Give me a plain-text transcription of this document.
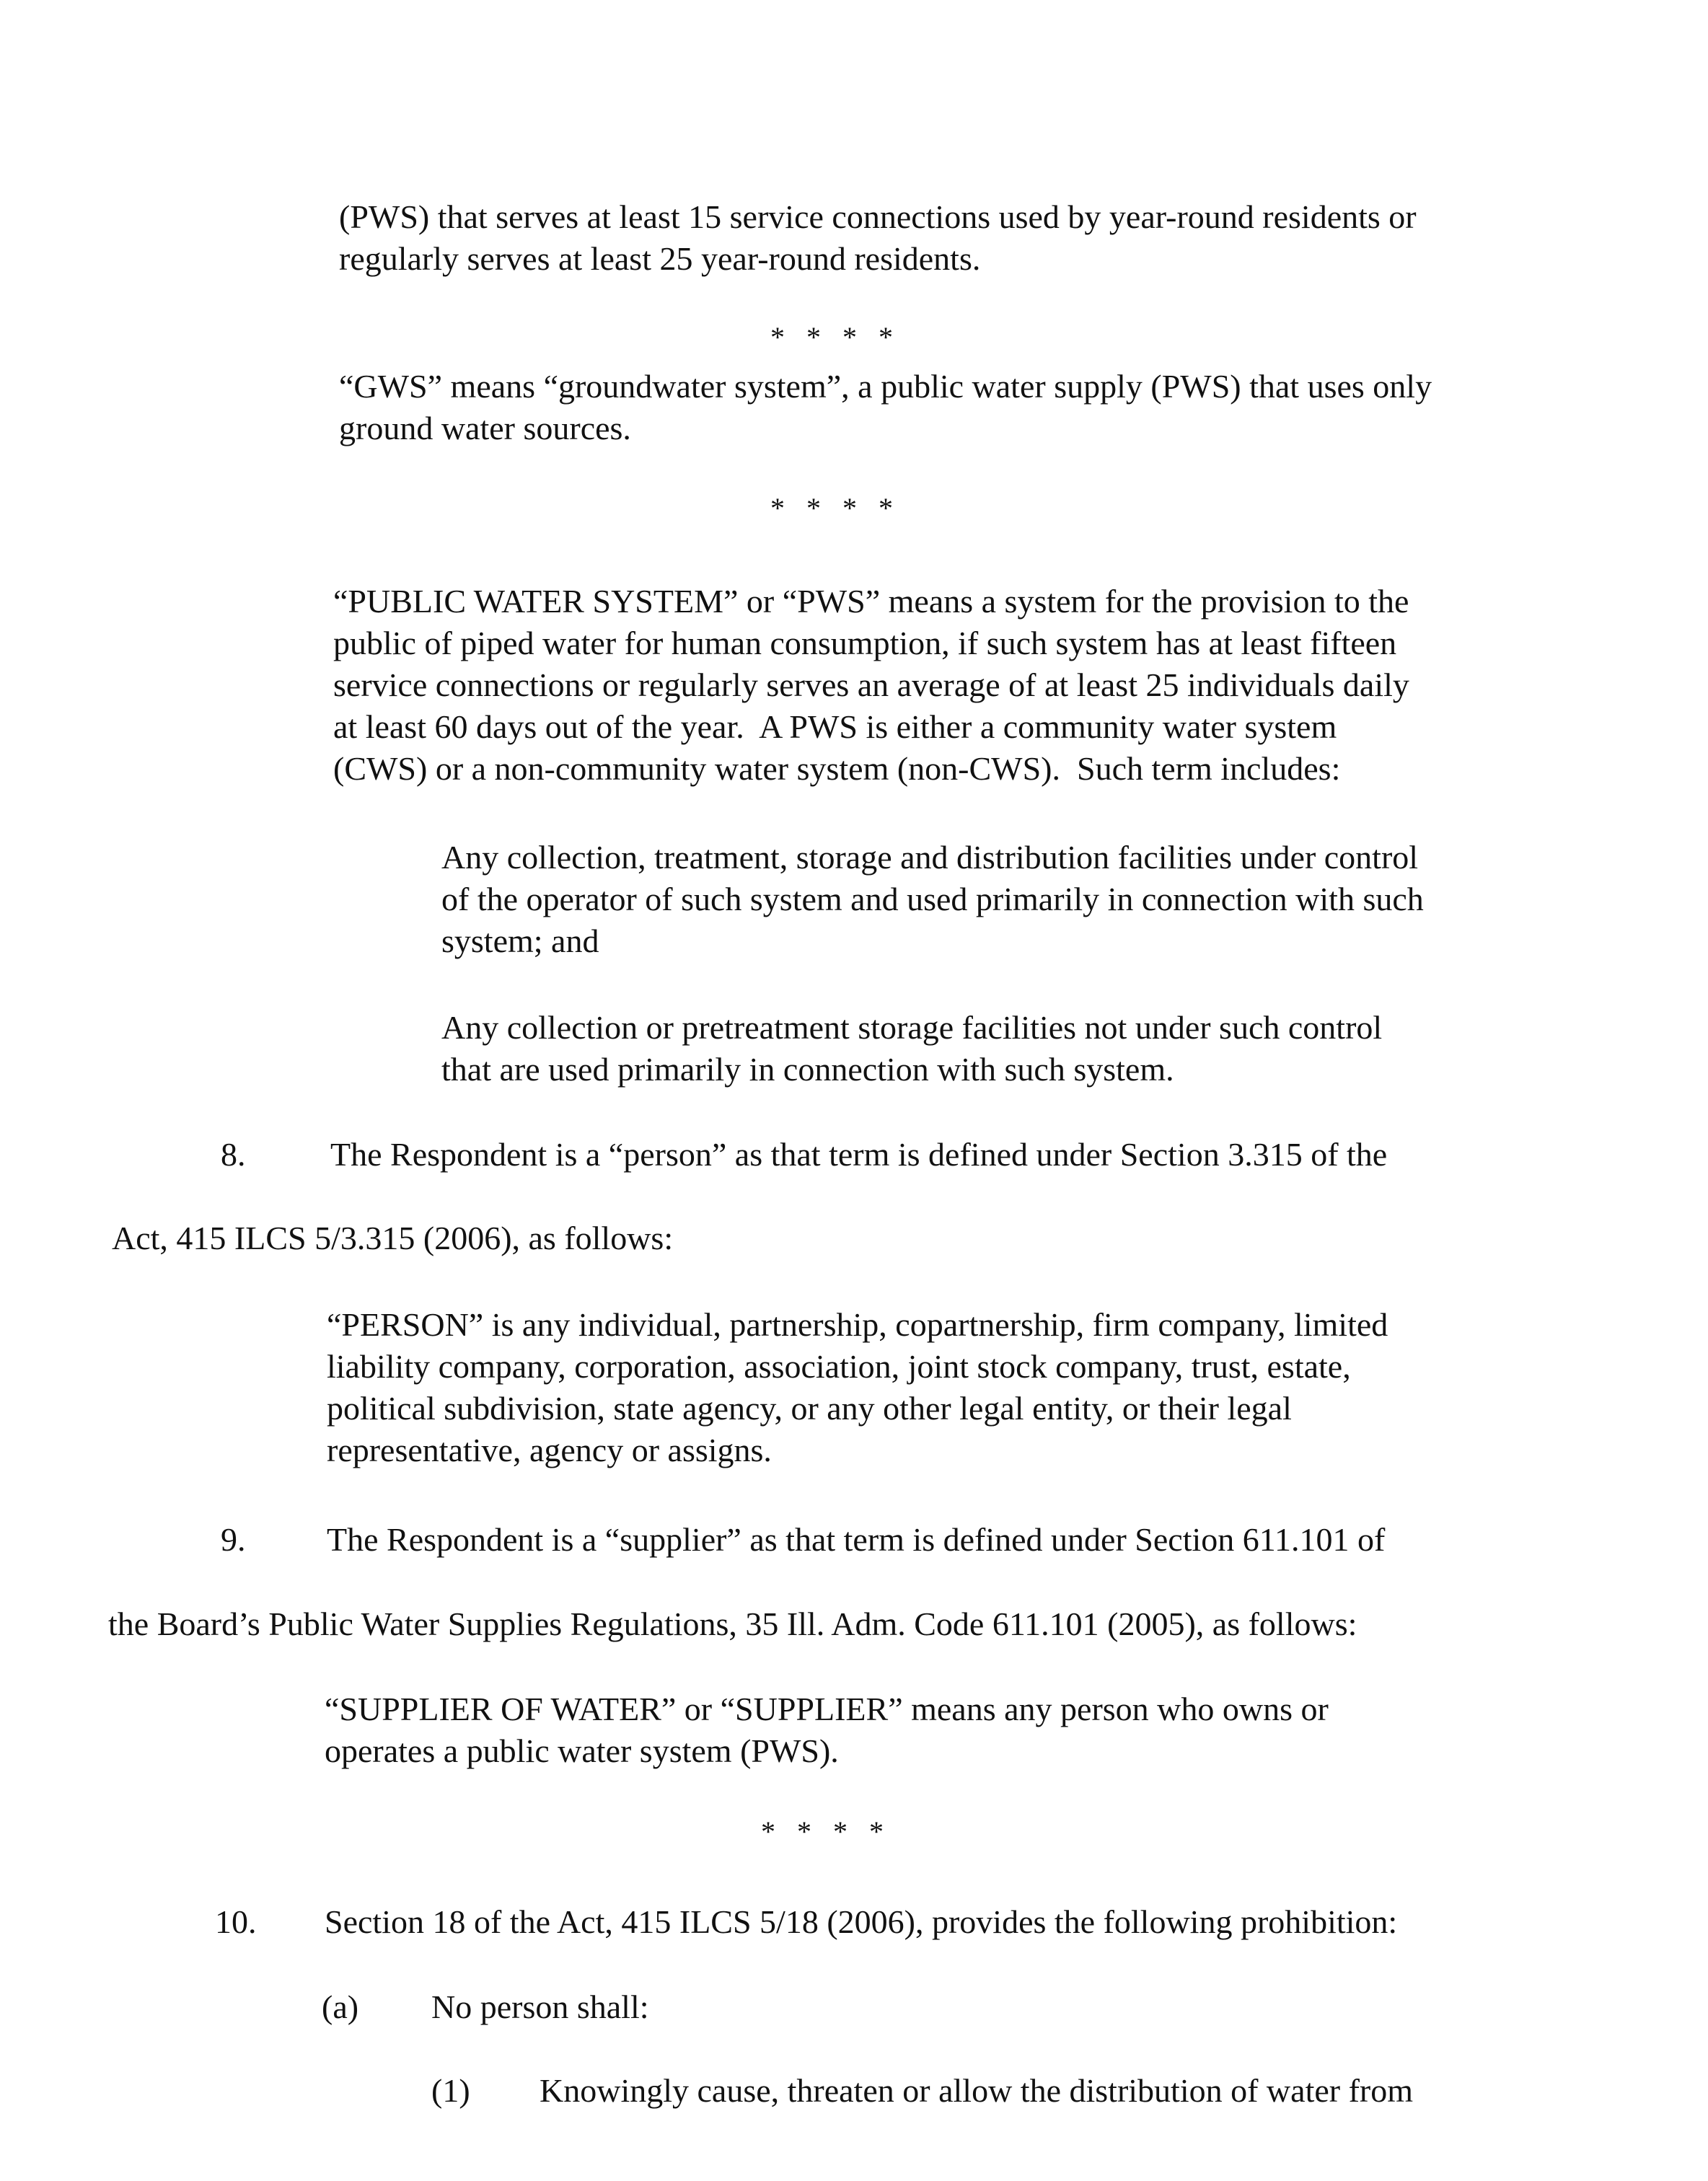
(PWS) that serves at least 15 service connections used by year-round residents or
regularly serves at least 25 year-round residents.

* * * *

“GWS” means “groundwater system”, a public water supply (PWS) that uses only
ground water sources.

* * * *

“PUBLIC WATER SYSTEM” or “PWS” means a system for the provision to the
public of piped water for human consumption, if such system has at least fifteen
service connections or regularly serves an average of at least 25 individuals daily
at least 60 days out of the year.  A PWS is either a community water system
(CWS) or a non-community water system (non-CWS).  Such term includes:

Any collection, treatment, storage and distribution facilities under control
of the operator of such system and used primarily in connection with such
system; and

Any collection or pretreatment storage facilities not under such control
that are used primarily in connection with such system.

8.	The Respondent is a “person” as that term is defined under Section 3.315 of the

Act, 415 ILCS 5/3.315 (2006), as follows:

“PERSON” is any individual, partnership, copartnership, firm company, limited
liability company, corporation, association, joint stock company, trust, estate,
political subdivision, state agency, or any other legal entity, or their legal
representative, agency or assigns.

9. The Respondent is a “supplier” as that term is defined under Section 611.101 of

the Board’s Public Water Supplies Regulations, 35 Ill. Adm. Code 611.101 (2005), as follows:

“SUPPLIER OF WATER” or “SUPPLIER” means any person who owns or
operates a public water system (PWS).

* * * *
10. Section 18 of the Act, 415 ILCS 5/18 (2006), provides the following prohibition:

(a) No person shall:

(1) Knowingly cause, threaten or allow the distribution of water from
